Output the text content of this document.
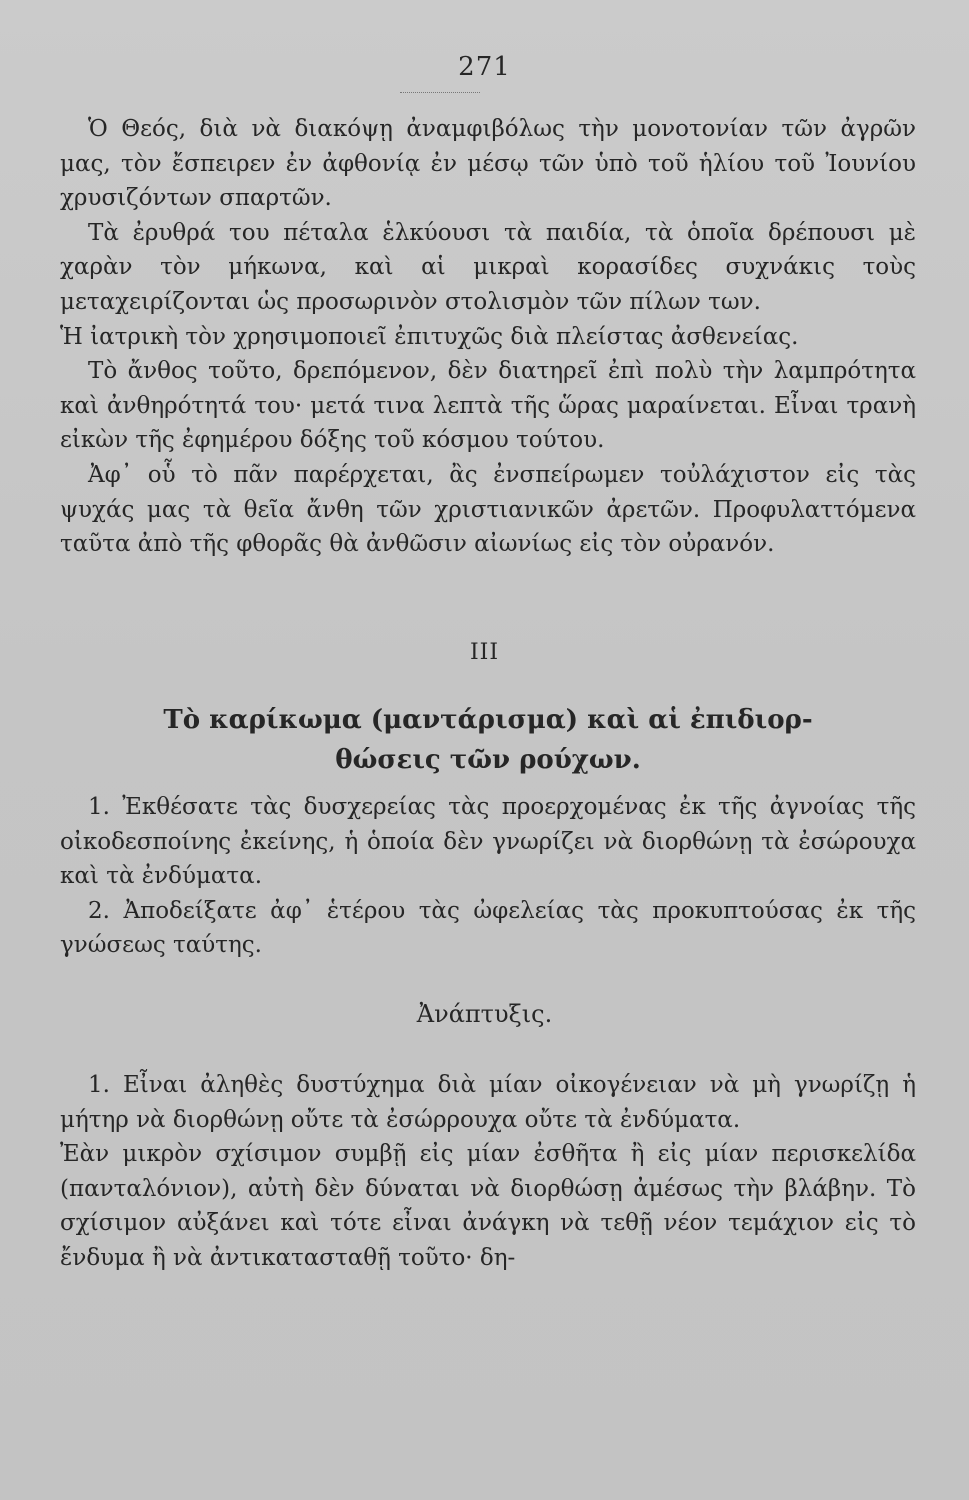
271

Ὁ Θεός, διὰ νὰ διακόψῃ ἀναμφιβόλως τὴν μονοτονίαν τῶν ἀγρῶν μας, τὸν ἔσπειρεν ἐν ἀφθονίᾳ ἐν μέσῳ τῶν ὑπὸ τοῦ ἡλίου τοῦ Ἰουνίου χρυσιζόντων σπαρτῶν.

Τὰ ἐρυθρά του πέταλα ἑλκύουσι τὰ παιδία, τὰ ὁποῖα δρέπουσι μὲ χαρὰν τὸν μήκωνα, καὶ αἱ μικραὶ κορασίδες συχνάκις τοὺς μεταχειρίζονται ὡς προσωρινὸν στολισμὸν τῶν πίλων των.

Ἡ ἰατρικὴ τὸν χρησιμοποιεῖ ἐπιτυχῶς διὰ πλείστας ἀσθενείας.

Τὸ ἄνθος τοῦτο, δρεπόμενον, δὲν διατηρεῖ ἐπὶ πολὺ τὴν λαμπρότητα καὶ ἀνθηρότητά του· μετά τινα λεπτὰ τῆς ὥρας μαραίνεται. Εἶναι τρανὴ εἰκὼν τῆς ἐφημέρου δόξης τοῦ κόσμου τούτου.

Ἀφ᾽ οὗ τὸ πᾶν παρέρχεται, ἂς ἐνσπείρωμεν τοὐλάχιστον εἰς τὰς ψυχάς μας τὰ θεῖα ἄνθη τῶν χριστιανικῶν ἀρετῶν. Προφυλαττόμενα ταῦτα ἀπὸ τῆς φθορᾶς θὰ ἀνθῶσιν αἰωνίως εἰς τὸν οὐρανόν.

III
Τὸ καρίκωμα (μαντάρισμα) καὶ αἱ ἐπιδιορ-
θώσεις τῶν ρούχων.

1. Ἐκθέσατε τὰς δυσχερείας τὰς προερχομένας ἐκ τῆς ἀγνοίας τῆς οἰκοδεσποίνης ἐκείνης, ἡ ὁποία δὲν γνωρίζει νὰ διορθώνῃ τὰ ἐσώρουχα καὶ τὰ ἐνδύματα.

2. Ἀποδείξατε ἀφ᾽ ἑτέρου τὰς ὠφελείας τὰς προκυπτούσας ἐκ τῆς γνώσεως ταύτης.

Ἀνάπτυξις.

1. Εἶναι ἀληθὲς δυστύχημα διὰ μίαν οἰκογένειαν νὰ μὴ γνωρίζῃ ἡ μήτηρ νὰ διορθώνῃ οὔτε τὰ ἐσώρρουχα οὔτε τὰ ἐνδύματα.

Ἐὰν μικρὸν σχίσιμον συμβῇ εἰς μίαν ἐσθῆτα ἢ εἰς μίαν περισκελίδα (πανταλόνιον), αὐτὴ δὲν δύναται νὰ διορθώσῃ ἀμέσως τὴν βλάβην. Τὸ σχίσιμον αὐξάνει καὶ τότε εἶναι ἀνάγκη νὰ τεθῇ νέον τεμάχιον εἰς τὸ ἔνδυμα ἢ νὰ ἀντικατασταθῇ τοῦτο· δη-
